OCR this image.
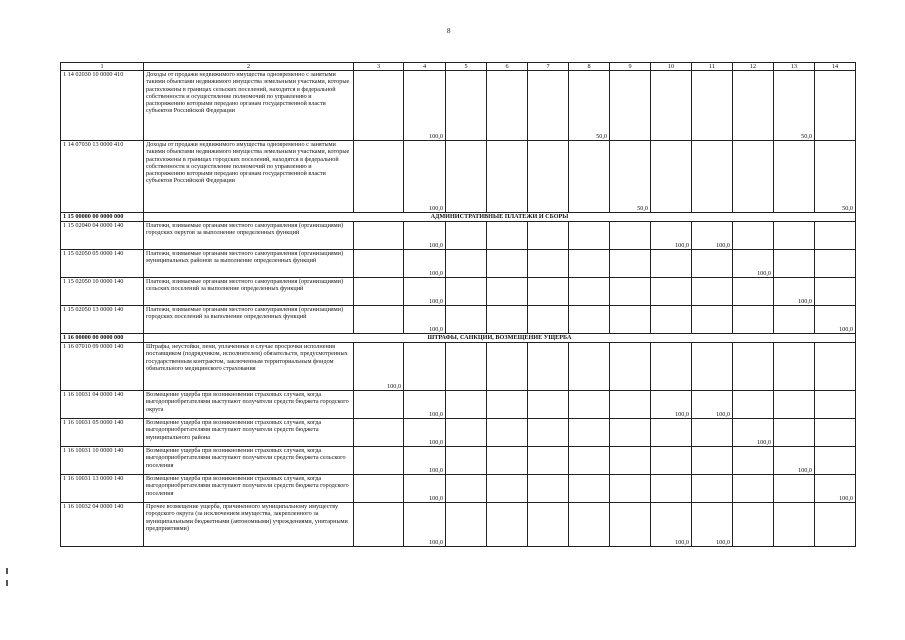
8
1	2	3	4	5	6	7	8	9	10	11	12	13	14
1 14 02030 10 0000 410	Доходы от продажи недвижимого имущества одновременно с занятыми такими объектами недвижимого имущества земельными участками, которые расположены в границах сельских поселений, находятся в федеральной собственности и осуществление полномочий по управлению и распоряжению которыми передано органам государственной власти субъектов Российской Федерации		100,0				50,0					50,0	
1 14 07030 13 0000 410	Доходы от продажи недвижимого имущества одновременно с занятыми такими объектами недвижимого имущества земельными участками, которые расположены в границах городских поселений, находятся в федеральной собственности и осуществление полномочий по управлению и распоряжению которыми передано органам государственной власти субъектов Российской Федерации		100,0					50,0					50,0
1 15 00000 00 0000 000	АДМИНИСТРАТИВНЫЕ ПЛАТЕЖИ И СБОРЫ												
1 15 02040 04 0000 140	Платежи, взимаемые органами местного самоуправления (организациями) городских округов за выполнение определенных функций		100,0						100,0	100,0			
1 15 02050 05 0000 140	Платежи, взимаемые органами местного самоуправления (организациями) муниципальных районов за выполнение определенных функций		100,0								100,0		
1 15 02050 10 0000 140	Платежи, взимаемые органами местного самоуправления (организациями) сельских поселений за выполнение определенных функций		100,0									100,0	
1 15 02050 13 0000 140	Платежи, взимаемые органами местного самоуправления (организациями) городских поселений за выполнение определенных функций		100,0										100,0
1 16 00000 00 0000 000	ШТРАФЫ, САНКЦИИ, ВОЗМЕЩЕНИЕ УЩЕРБА												
1 16 07010 09 0000 140	Штрафы, неустойки, пени, уплаченные в случае просрочки исполнения поставщиком (подрядчиком, исполнителем) обязательств, предусмотренных государственным контрактом, заключенным территориальным фондом обязательного медицинского страхования	100,0											
1 16 10031 04 0000 140	Возмещение ущерба при возникновении страховых случаев, когда выгодоприобретателями выступают получатели средств бюджета городского округа		100,0						100,0	100,0			
1 16 10031 05 0000 140	Возмещение ущерба при возникновении страховых случаев, когда выгодоприобретателями выступают получатели средств бюджета муниципального района		100,0								100,0		
1 16 10031 10 0000 140	Возмещение ущерба при возникновении страховых случаев, когда выгодоприобретателями выступают получатели средств бюджета сельского поселения		100,0									100,0	
1 16 10031 13 0000 140	Возмещение ущерба при возникновении страховых случаев, когда выгодоприобретателями выступают получатели средств бюджета городского поселения		100,0										100,0
1 16 10032 04 0000 140	Прочее возмещение ущерба, причиненного муниципальному имуществу городского округа (за исключением имущества, закрепленного за муниципальными бюджетными (автономными) учреждениями, унитарными предприятиями)		100,0						100,0	100,0			
